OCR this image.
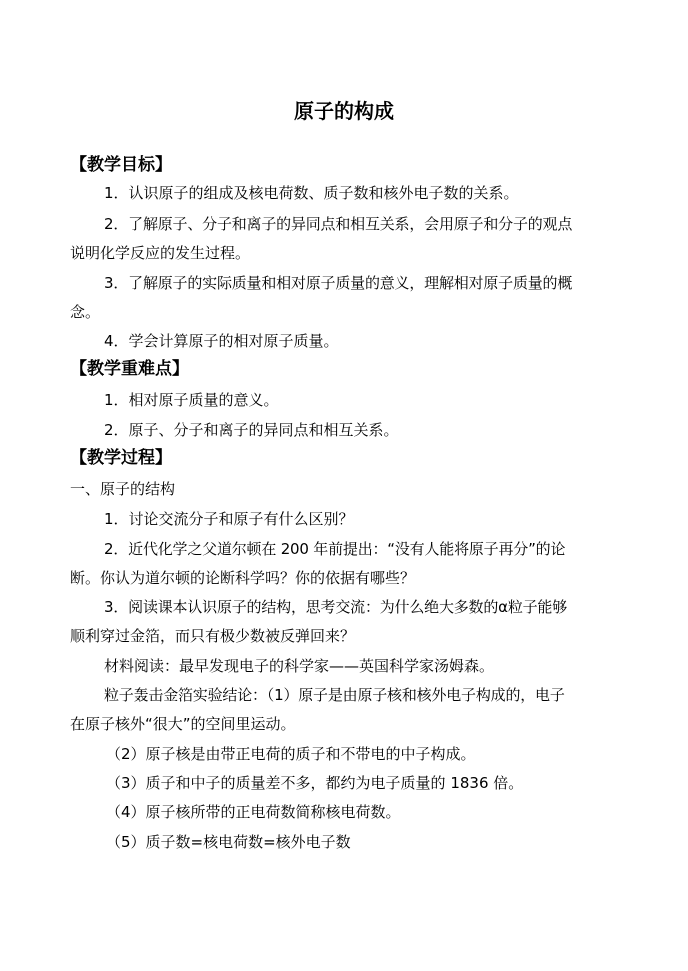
原子的构成
【教学目标】
1．认识原子的组成及核电荷数、质子数和核外电子数的关系。
2．了解原子、分子和离子的异同点和相互关系，会用原子和分子的观点
说明化学反应的发生过程。
3．了解原子的实际质量和相对原子质量的意义，理解相对原子质量的概
念。
4．学会计算原子的相对原子质量。
【教学重难点】
1．相对原子质量的意义。
2．原子、分子和离子的异同点和相互关系。
【教学过程】
一、原子的结构
1．讨论交流分子和原子有什么区别？
2．近代化学之父道尔顿在 200 年前提出：“没有人能将原子再分”的论
断。你认为道尔顿的论断科学吗？你的依据有哪些？
3．阅读课本认识原子的结构，思考交流：为什么绝大多数的α粒子能够
顺利穿过金箔，而只有极少数被反弹回来？
材料阅读：最早发现电子的科学家——英国科学家汤姆森。
粒子轰击金箔实验结论：（1）原子是由原子核和核外电子构成的，电子
在原子核外“很大”的空间里运动。
（2）原子核是由带正电荷的质子和不带电的中子构成。
（3）质子和中子的质量差不多，都约为电子质量的 1836 倍。
（4）原子核所带的正电荷数简称核电荷数。
（5）质子数=核电荷数=核外电子数
